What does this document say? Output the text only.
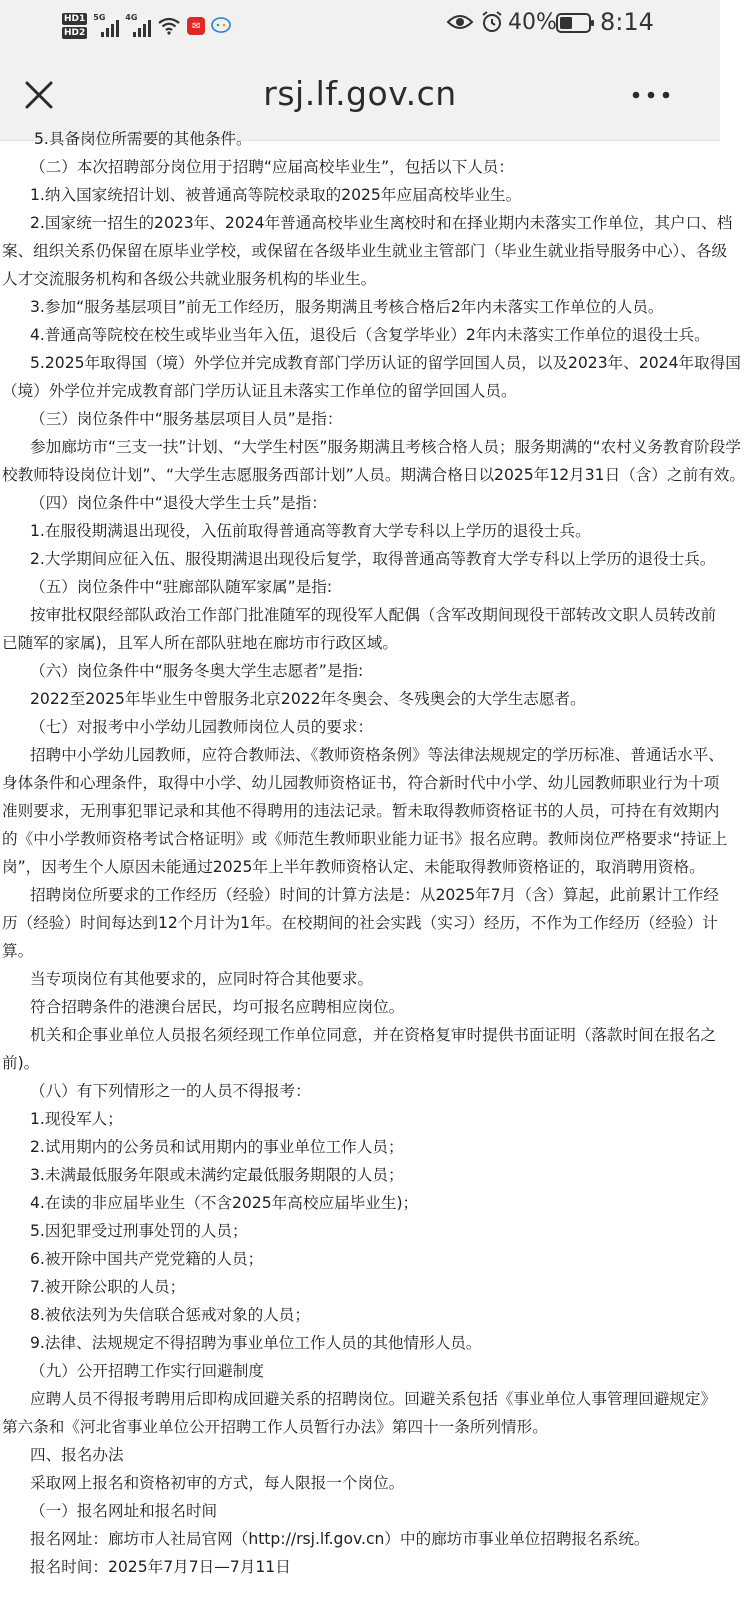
HD1
HD2
5G 4G
✉	40% 8:14
rsj.lf.gov.cn
5.具备岗位所需要的其他条件。
（二）本次招聘部分岗位用于招聘“应届高校毕业生”，包括以下人员：
1.纳入国家统招计划、被普通高等院校录取的2025年应届高校毕业生。
2.国家统一招生的2023年、2024年普通高校毕业生离校时和在择业期内未落实工作单位，其户口、档
案、组织关系仍保留在原毕业学校，或保留在各级毕业生就业主管部门（毕业生就业指导服务中心）、各级
人才交流服务机构和各级公共就业服务机构的毕业生。
3.参加“服务基层项目”前无工作经历，服务期满且考核合格后2年内未落实工作单位的人员。
4.普通高等院校在校生或毕业当年入伍，退役后（含复学毕业）2年内未落实工作单位的退役士兵。
5.2025年取得国（境）外学位并完成教育部门学历认证的留学回国人员，以及2023年、2024年取得国
（境）外学位并完成教育部门学历认证且未落实工作单位的留学回国人员。
（三）岗位条件中“服务基层项目人员”是指：
参加廊坊市“三支一扶”计划、“大学生村医”服务期满且考核合格人员；服务期满的“农村义务教育阶段学
校教师特设岗位计划”、“大学生志愿服务西部计划”人员。期满合格日以2025年12月31日（含）之前有效。
（四）岗位条件中“退役大学生士兵”是指：
1.在服役期满退出现役，入伍前取得普通高等教育大学专科以上学历的退役士兵。
2.大学期间应征入伍、服役期满退出现役后复学，取得普通高等教育大学专科以上学历的退役士兵。
（五）岗位条件中“驻廊部队随军家属”是指:
按审批权限经部队政治工作部门批准随军的现役军人配偶（含军改期间现役干部转改文职人员转改前
已随军的家属)，且军人所在部队驻地在廊坊市行政区域。
（六）岗位条件中“服务冬奥大学生志愿者”是指:
2022至2025年毕业生中曾服务北京2022年冬奥会、冬残奥会的大学生志愿者。
（七）对报考中小学幼儿园教师岗位人员的要求：
招聘中小学幼儿园教师，应符合教师法、《教师资格条例》等法律法规规定的学历标准、普通话水平、
身体条件和心理条件，取得中小学、幼儿园教师资格证书，符合新时代中小学、幼儿园教师职业行为十项
准则要求，无刑事犯罪记录和其他不得聘用的违法记录。暂未取得教师资格证书的人员，可持在有效期内
的《中小学教师资格考试合格证明》或《师范生教师职业能力证书》报名应聘。教师岗位严格要求“持证上
岗”，因考生个人原因未能通过2025年上半年教师资格认定、未能取得教师资格证的，取消聘用资格。
招聘岗位所要求的工作经历（经验）时间的计算方法是：从2025年7月（含）算起，此前累计工作经
历（经验）时间每达到12个月计为1年。在校期间的社会实践（实习）经历，不作为工作经历（经验）计
算。
当专项岗位有其他要求的，应同时符合其他要求。
符合招聘条件的港澳台居民，均可报名应聘相应岗位。
机关和企事业单位人员报名须经现工作单位同意，并在资格复审时提供书面证明（落款时间在报名之
前)。
（八）有下列情形之一的人员不得报考：
1.现役军人；
2.试用期内的公务员和试用期内的事业单位工作人员；
3.未满最低服务年限或未满约定最低服务期限的人员；
4.在读的非应届毕业生（不含2025年高校应届毕业生)；
5.因犯罪受过刑事处罚的人员；
6.被开除中国共产党党籍的人员；
7.被开除公职的人员；
8.被依法列为失信联合惩戒对象的人员；
9.法律、法规规定不得招聘为事业单位工作人员的其他情形人员。
（九）公开招聘工作实行回避制度
应聘人员不得报考聘用后即构成回避关系的招聘岗位。回避关系包括《事业单位人事管理回避规定》
第六条和《河北省事业单位公开招聘工作人员暂行办法》第四十一条所列情形。
四、报名办法
采取网上报名和资格初审的方式，每人限报一个岗位。
（一）报名网址和报名时间
报名网址：廊坊市人社局官网（http://rsj.lf.gov.cn）中的廊坊市事业单位招聘报名系统。
报名时间：2025年7月7日—7月11日
